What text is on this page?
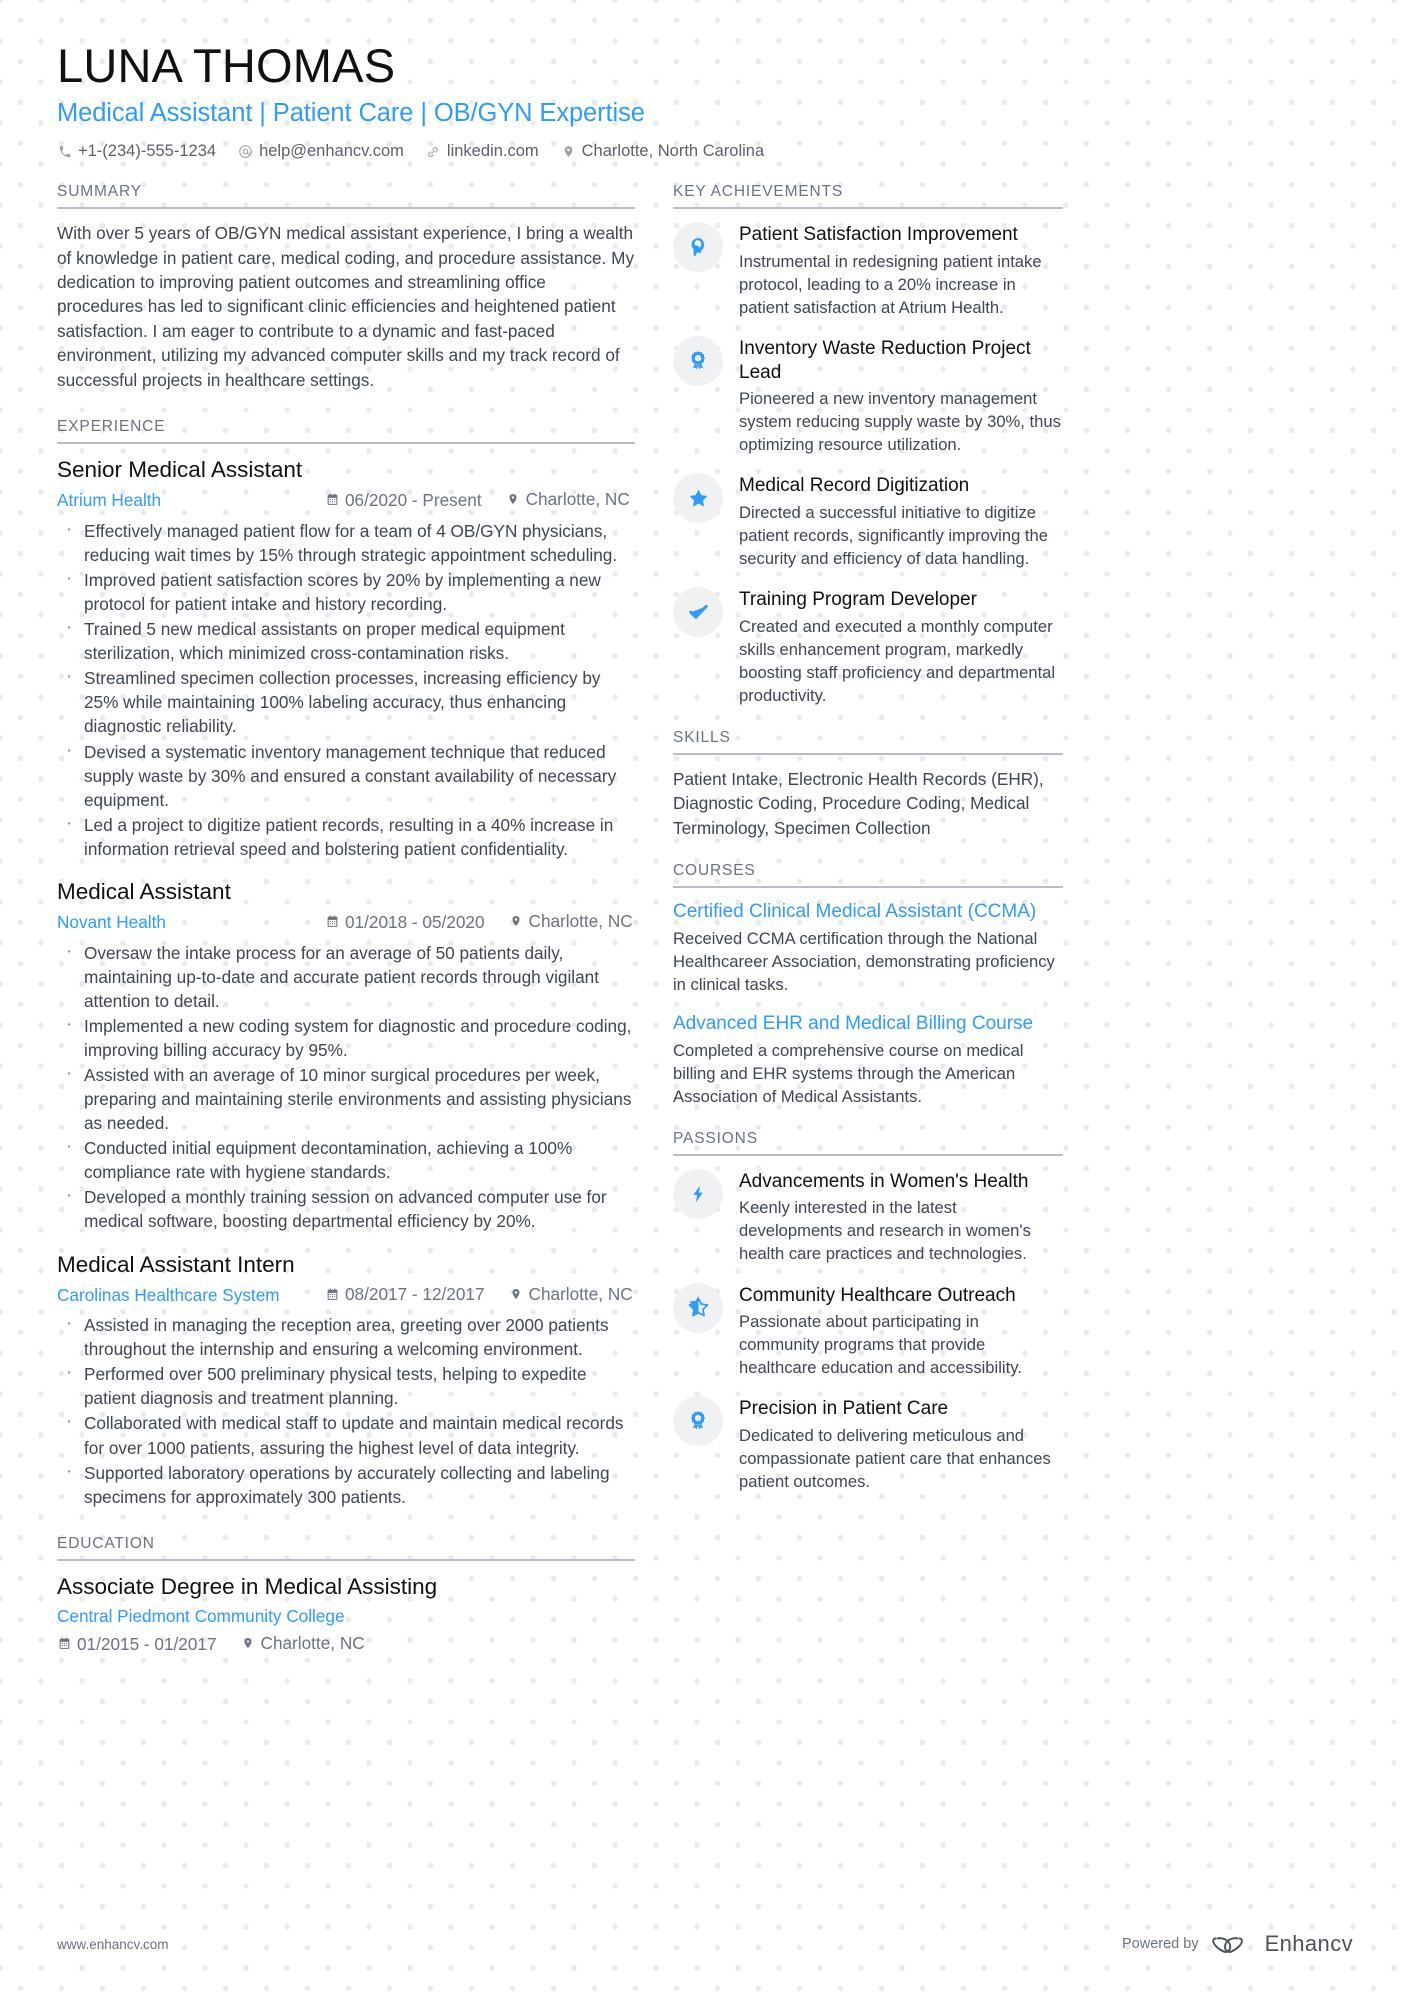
LUNA THOMAS
Medical Assistant | Patient Care | OB/GYN Expertise
+1-(234)-555-1234	help@enhancv.com	linkedin.com	Charlotte, North Carolina
SUMMARY

With over 5 years of OB/GYN medical assistant experience, I bring a wealth of knowledge in patient care, medical coding, and procedure assistance. My dedication to improving patient outcomes and streamlining office procedures has led to significant clinic efficiencies and heightened patient satisfaction. I am eager to contribute to a dynamic and fast-paced environment, utilizing my advanced computer skills and my track record of successful projects in healthcare settings.

EXPERIENCE
Senior Medical Assistant
Atrium Health	06/2020 - Present	Charlotte, NC
· Effectively managed patient flow for a team of 4 OB/GYN physicians, reducing wait times by 15% through strategic appointment scheduling.
· Improved patient satisfaction scores by 20% by implementing a new protocol for patient intake and history recording.
· Trained 5 new medical assistants on proper medical equipment sterilization, which minimized cross-contamination risks.
· Streamlined specimen collection processes, increasing efficiency by 25% while maintaining 100% labeling accuracy, thus enhancing diagnostic reliability.
· Devised a systematic inventory management technique that reduced supply waste by 30% and ensured a constant availability of necessary equipment.
· Led a project to digitize patient records, resulting in a 40% increase in information retrieval speed and bolstering patient confidentiality.
Medical Assistant
Novant Health	01/2018 - 05/2020	Charlotte, NC
· Oversaw the intake process for an average of 50 patients daily, maintaining up-to-date and accurate patient records through vigilant attention to detail.
· Implemented a new coding system for diagnostic and procedure coding, improving billing accuracy by 95%.
· Assisted with an average of 10 minor surgical procedures per week, preparing and maintaining sterile environments and assisting physicians as needed.
· Conducted initial equipment decontamination, achieving a 100% compliance rate with hygiene standards.
· Developed a monthly training session on advanced computer use for medical software, boosting departmental efficiency by 20%.
Medical Assistant Intern
Carolinas Healthcare System	08/2017 - 12/2017	Charlotte, NC
· Assisted in managing the reception area, greeting over 2000 patients throughout the internship and ensuring a welcoming environment.
· Performed over 500 preliminary physical tests, helping to expedite patient diagnosis and treatment planning.
· Collaborated with medical staff to update and maintain medical records for over 1000 patients, assuring the highest level of data integrity.
· Supported laboratory operations by accurately collecting and labeling specimens for approximately 300 patients.
EDUCATION
Associate Degree in Medical Assisting
Central Piedmont Community College
01/2015 - 01/2017	Charlotte, NC
KEY ACHIEVEMENTS
Patient Satisfaction Improvement
Instrumental in redesigning patient intake protocol, leading to a 20% increase in patient satisfaction at Atrium Health.
1 Inventory Waste Reduction Project Lead
Pioneered a new inventory management system reducing supply waste by 30%, thus optimizing resource utilization.
Medical Record Digitization
Directed a successful initiative to digitize patient records, significantly improving the security and efficiency of data handling.
Training Program Developer
Created and executed a monthly computer skills enhancement program, markedly boosting staff proficiency and departmental productivity.
SKILLS

Patient Intake, Electronic Health Records (EHR), Diagnostic Coding, Procedure Coding, Medical Terminology, Specimen Collection

COURSES
Certified Clinical Medical Assistant (CCMA)
Received CCMA certification through the National Healthcareer Association, demonstrating proficiency in clinical tasks.
Advanced EHR and Medical Billing Course
Completed a comprehensive course on medical billing and EHR systems through the American Association of Medical Assistants.
PASSIONS
Advancements in Women's Health
Keenly interested in the latest developments and research in women's health care practices and technologies.
Community Healthcare Outreach
Passionate about participating in community programs that provide healthcare education and accessibility.
1 Precision in Patient Care
Dedicated to delivering meticulous and compassionate patient care that enhances patient outcomes.
www.enhancv.com	Powered by	Enhancv
